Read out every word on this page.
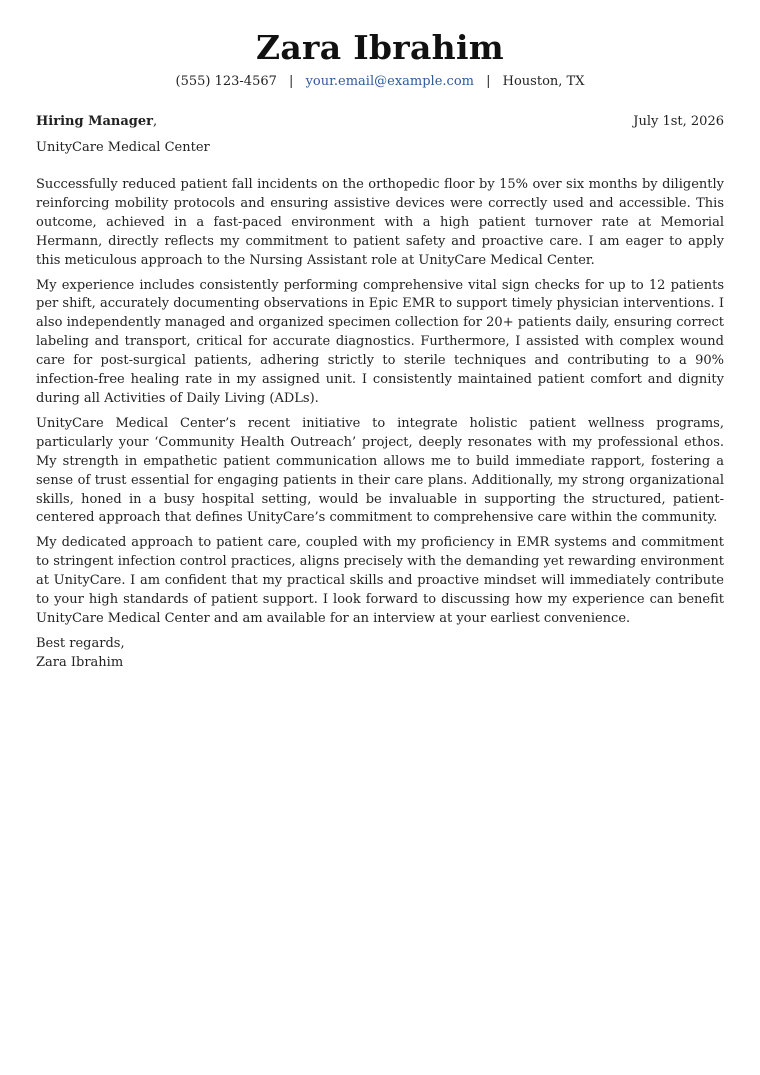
Zara Ibrahim
(555) 123-4567 | your.email@example.com | Houston, TX
Hiring Manager,	July 1st, 2026
UnityCare Medical Center

Successfully reduced patient fall incidents on the orthopedic floor by 15% over six months by diligently reinforcing mobility protocols and ensuring assistive devices were correctly used and accessible. This outcome, achieved in a fast-paced environment with a high patient turnover rate at Memorial Hermann, directly reflects my commitment to patient safety and proactive care. I am eager to apply this meticulous approach to the Nursing Assistant role at UnityCare Medical Center.

My experience includes consistently performing comprehensive vital sign checks for up to 12 patients per shift, accurately documenting observations in Epic EMR to support timely physician interventions. I also independently managed and organized specimen collection for 20+ patients daily, ensuring correct labeling and transport, critical for accurate diagnostics. Furthermore, I assisted with complex wound care for post-surgical patients, adhering strictly to sterile techniques and contributing to a 90% infection-free healing rate in my assigned unit. I consistently maintained patient comfort and dignity during all Activities of Daily Living (ADLs).

UnityCare Medical Center’s recent initiative to integrate holistic patient wellness programs, particularly your ‘Community Health Outreach’ project, deeply resonates with my professional ethos. My strength in empathetic patient communication allows me to build immediate rapport, fostering a sense of trust essential for engaging patients in their care plans. Additionally, my strong organizational skills, honed in a busy hospital setting, would be invaluable in supporting the structured, patient-centered approach that defines UnityCare’s commitment to comprehensive care within the community.

My dedicated approach to patient care, coupled with my proficiency in EMR systems and commitment to stringent infection control practices, aligns precisely with the demanding yet rewarding environment at UnityCare. I am confident that my practical skills and proactive mindset will immediately contribute to your high standards of patient support. I look forward to discussing how my experience can benefit UnityCare Medical Center and am available for an interview at your earliest convenience.

Best regards,
Zara Ibrahim
